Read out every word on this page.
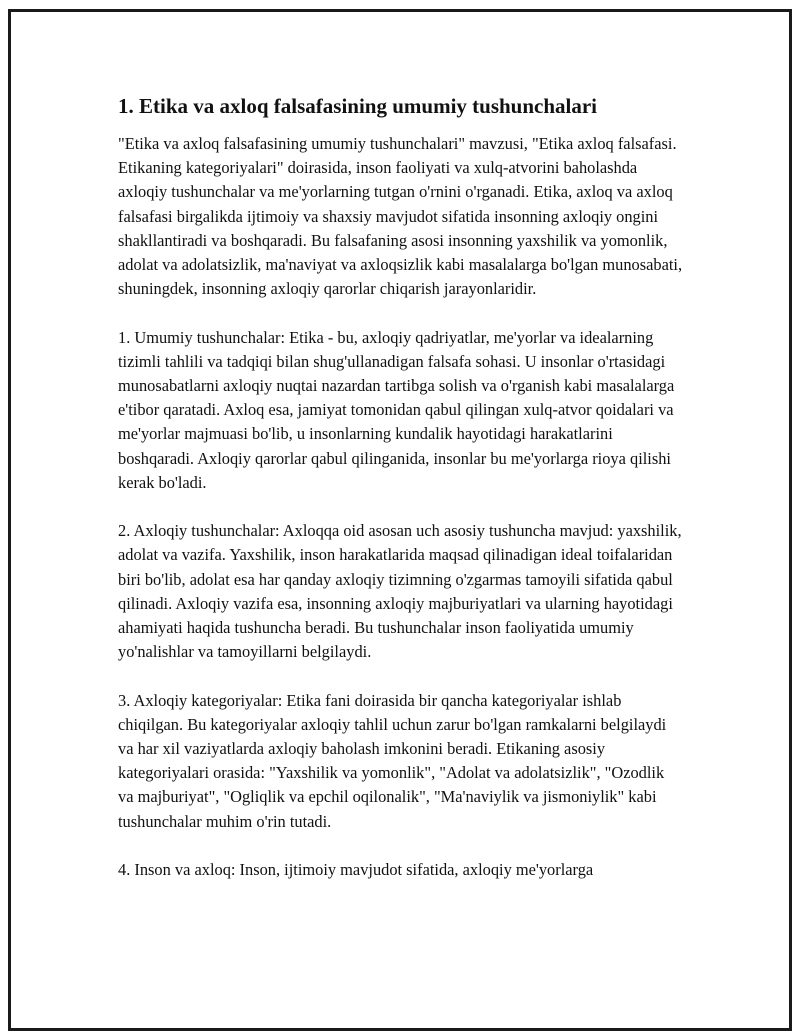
1. Etika va axloq falsafasining umumiy tushunchalari

"Etika va axloq falsafasining umumiy tushunchalari" mavzusi, "Etika axloq falsafasi. Etikaning kategoriyalari" doirasida, inson faoliyati va xulq-atvorini baholashda axloqiy tushunchalar va me'yorlarning tutgan o'rnini o'rganadi. Etika, axloq va axloq falsafasi birgalikda ijtimoiy va shaxsiy mavjudot sifatida insonning axloqiy ongini shakllantiradi va boshqaradi. Bu falsafaning asosi insonning yaxshilik va yomonlik, adolat va adolatsizlik, ma'naviyat va axloqsizlik kabi masalalarga bo'lgan munosabati, shuningdek, insonning axloqiy qarorlar chiqarish jarayonlaridir.

1. Umumiy tushunchalar: Etika - bu, axloqiy qadriyatlar, me'yorlar va idealarning tizimli tahlili va tadqiqi bilan shug'ullanadigan falsafa sohasi. U insonlar o'rtasidagi munosabatlarni axloqiy nuqtai nazardan tartibga solish va o'rganish kabi masalalarga e'tibor qaratadi. Axloq esa, jamiyat tomonidan qabul qilingan xulq-atvor qoidalari va me'yorlar majmuasi bo'lib, u insonlarning kundalik hayotidagi harakatlarini boshqaradi. Axloqiy qarorlar qabul qilinganida, insonlar bu me'yorlarga rioya qilishi kerak bo'ladi.

2. Axloqiy tushunchalar: Axloqqa oid asosan uch asosiy tushuncha mavjud: yaxshilik, adolat va vazifa. Yaxshilik, inson harakatlarida maqsad qilinadigan ideal toifalaridan biri bo'lib, adolat esa har qanday axloqiy tizimning o'zgarmas tamoyili sifatida qabul qilinadi. Axloqiy vazifa esa, insonning axloqiy majburiyatlari va ularning hayotidagi ahamiyati haqida tushuncha beradi. Bu tushunchalar inson faoliyatida umumiy yo'nalishlar va tamoyillarni belgilaydi.

3. Axloqiy kategoriyalar: Etika fani doirasida bir qancha kategoriyalar ishlab chiqilgan. Bu kategoriyalar axloqiy tahlil uchun zarur bo'lgan ramkalarni belgilaydi va har xil vaziyatlarda axloqiy baholash imkonini beradi. Etikaning asosiy kategoriyalari orasida: "Yaxshilik va yomonlik", "Adolat va adolatsizlik", "Ozodlik va majburiyat", "Ogliqlik va epchil oqilonalik", "Ma'naviylik va jismoniylik" kabi tushunchalar muhim o'rin tutadi.

4. Inson va axloq: Inson, ijtimoiy mavjudot sifatida, axloqiy me'yorlarga
